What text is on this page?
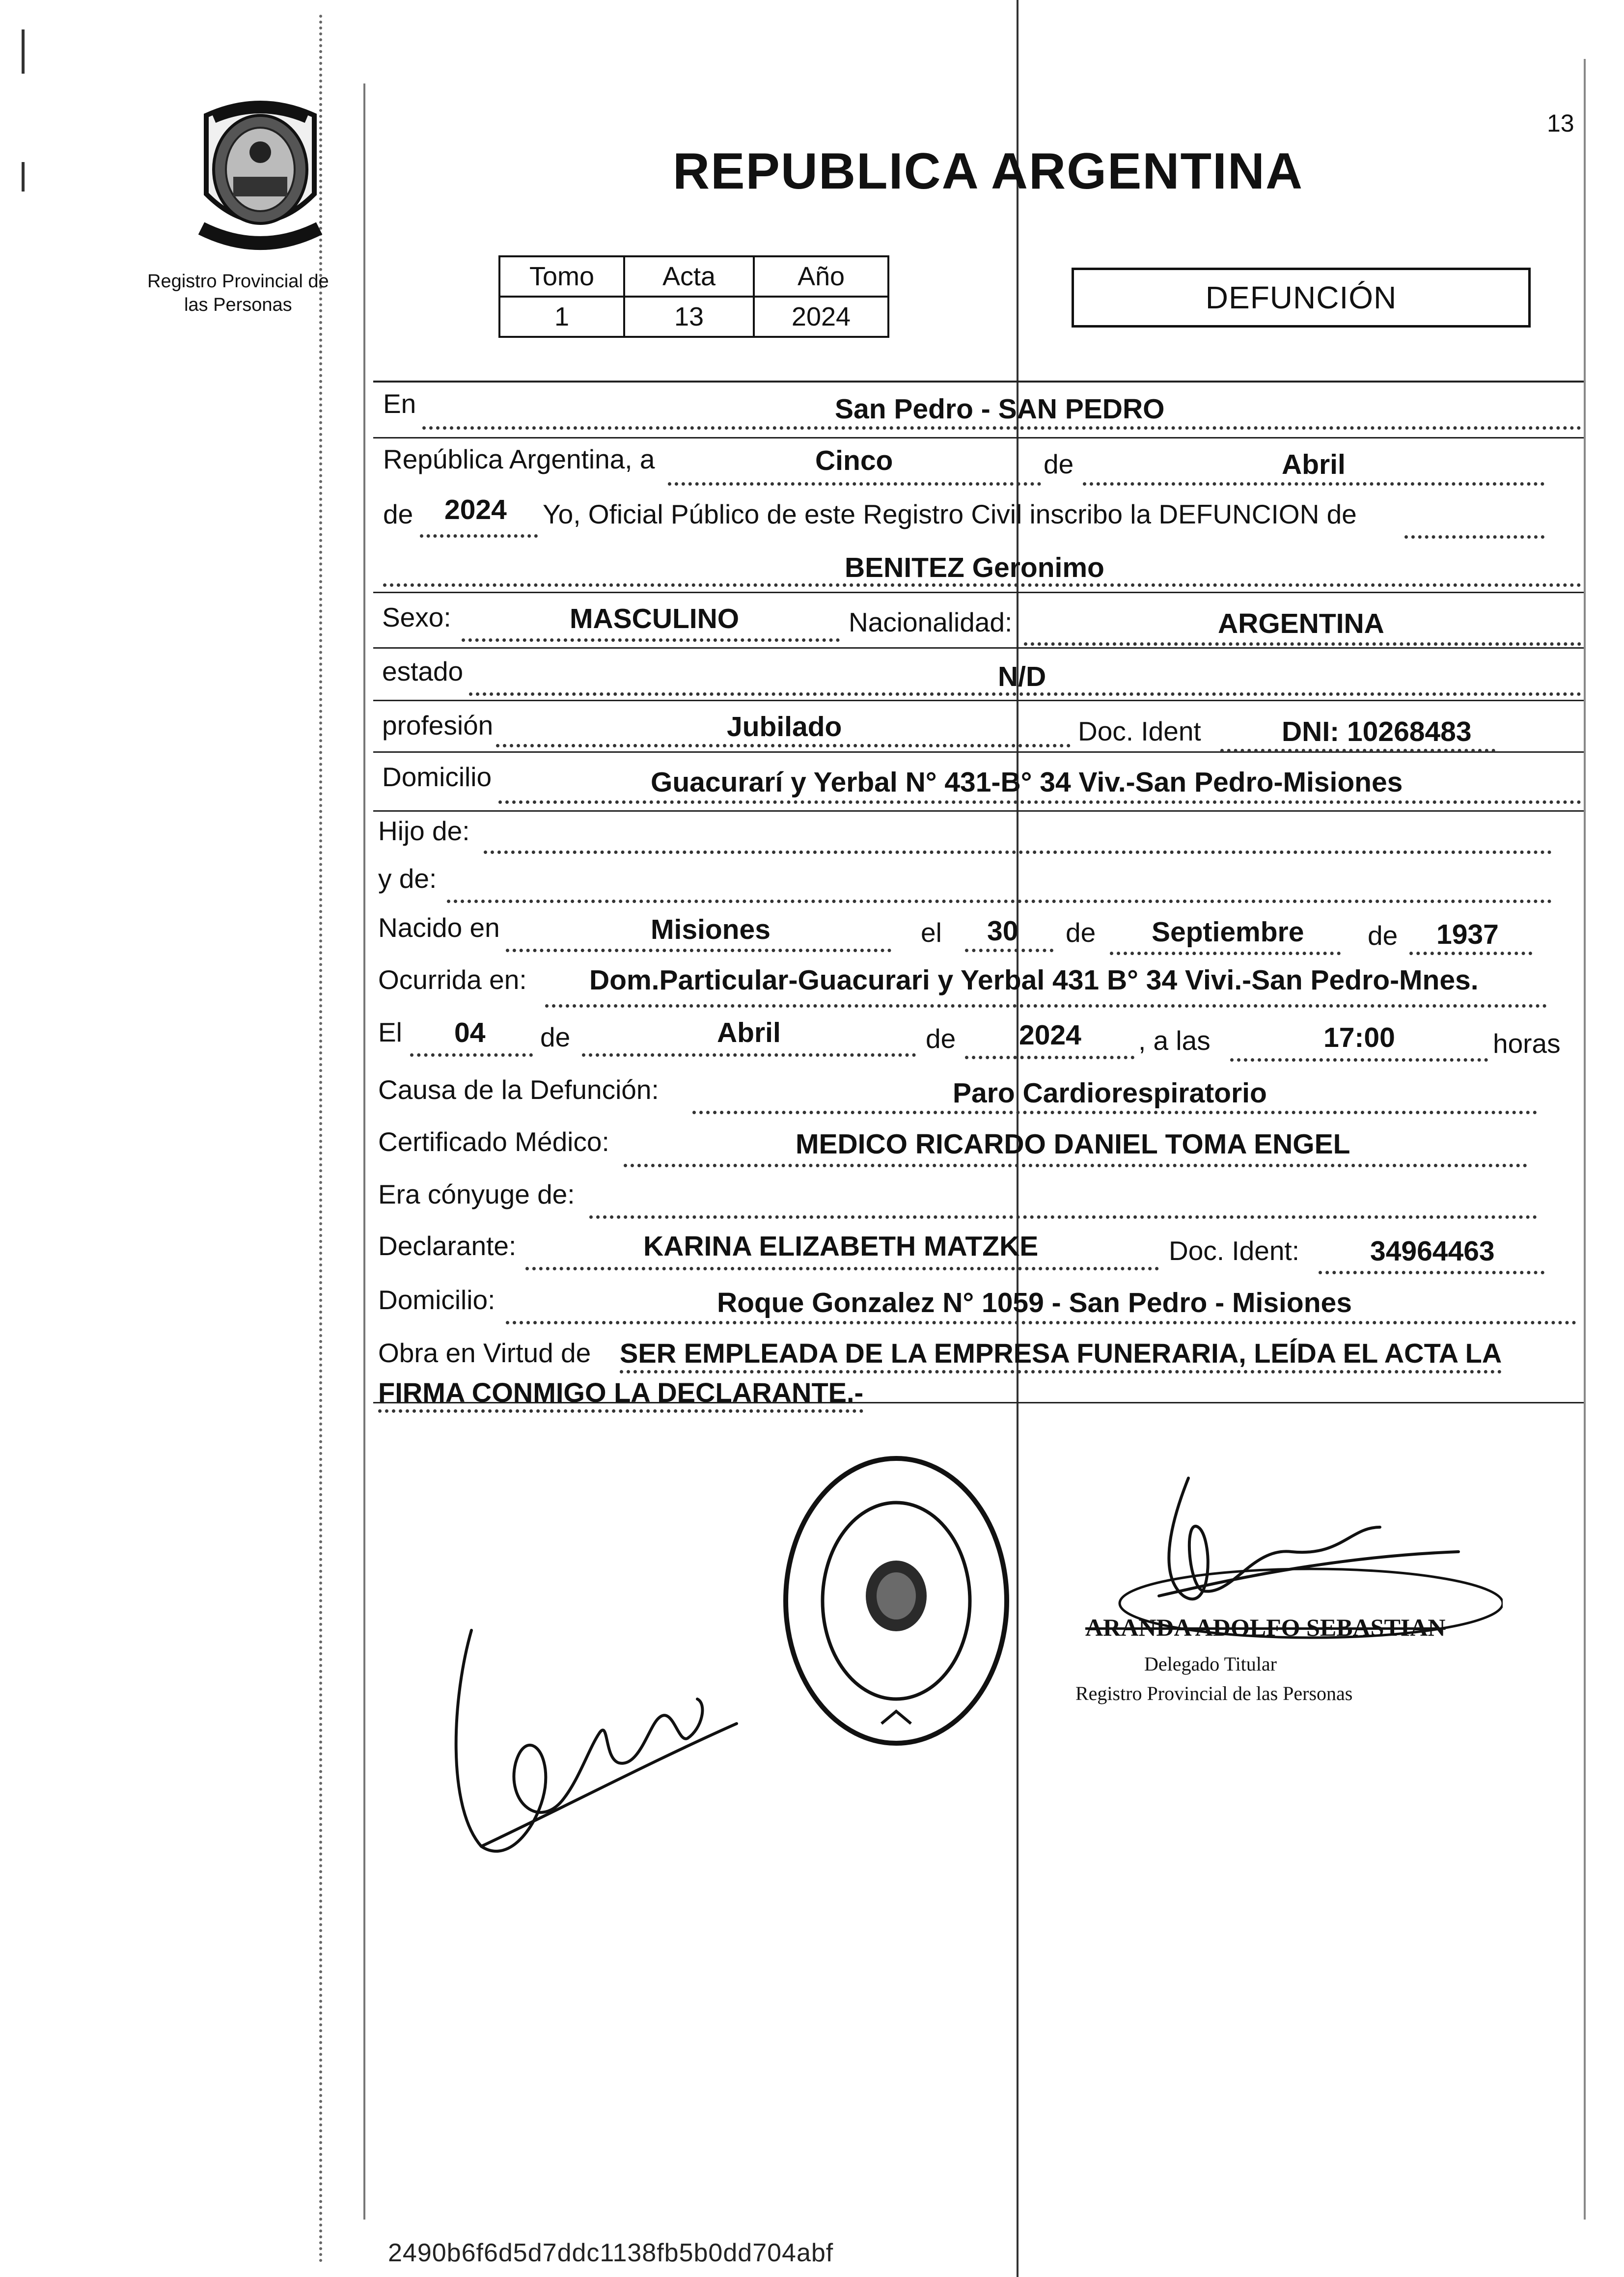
Registro Provincial de
las Personas
13
REPUBLICA ARGENTINA
Tomo	Acta	Año
1	13	2024
DEFUNCIÓN
En	San Pedro - SAN PEDRO
República Argentina, a	Cinco	de	Abril
de 2024 Yo, Oficial Público de este Registro Civil inscribo la DEFUNCION de
BENITEZ Geronimo
Sexo:	MASCULINO	Nacionalidad:	ARGENTINA
estado	N/D
profesión	Jubilado	Doc. Ident	DNI: 10268483
Domicilio	Guacurarí y Yerbal N° 431-B° 34 Viv.-San Pedro-Misiones
Hijo de:
y de:
Nacido en	Misiones	el 30 de Septiembre de 1937
Ocurrida en: Dom.Particular-Guacurari y Yerbal 431 B° 34 Vivi.-San Pedro-Mnes.
El 04 de	Abril	de 2024 , a las	17:00	horas
Causa de la Defunción:	Paro Cardiorespiratorio
Certificado Médico:	MEDICO RICARDO DANIEL TOMA ENGEL
Era cónyuge de:
Declarante:	KARINA ELIZABETH MATZKE	Doc. Ident:	34964463
Domicilio:	Roque Gonzalez N° 1059 - San Pedro - Misiones
Obra en Virtud de SER EMPLEADA DE LA EMPRESA FUNERARIA, LEÍDA EL ACTA LA
FIRMA CONMIGO LA DECLARANTE.-
ARANDA ADOLFO SEBASTIAN
Delegado Titular
Registro Provincial de las Personas
2490b6f6d5d7ddc1138fb5b0dd704abf
